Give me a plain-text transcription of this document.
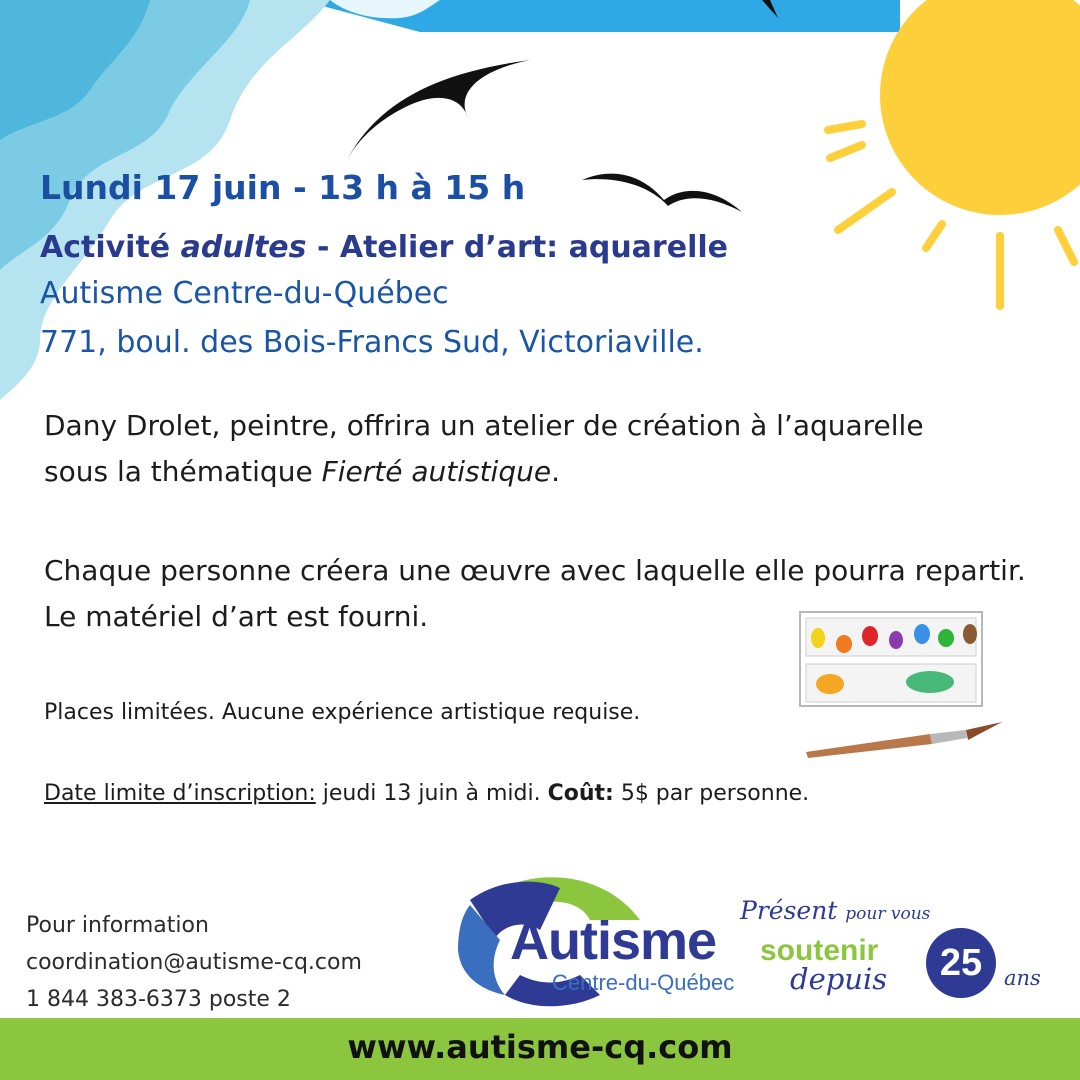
Lundi 17 juin - 13 h à 15 h
Activité adultes - Atelier d’art: aquarelle
Autisme Centre-du-Québec
771, boul. des Bois-Francs Sud, Victoriaville.
Dany Drolet, peintre, offrira un atelier de création à l’aquarelle sous la thématique Fierté autistique.
Chaque personne créera une œuvre avec laquelle elle pourra repartir. Le matériel d’art est fourni.
Places limitées. Aucune expérience artistique requise.
Date limite d’inscription: jeudi 13 juin à midi. Coût: 5$ par personne.
Pour information
coordination@autisme-cq.com
1 844 383-6373 poste 2
Autisme
Centre-du-Québec
Présent pour vous
soutenir
depuis	25	ans
www.autisme-cq.com
